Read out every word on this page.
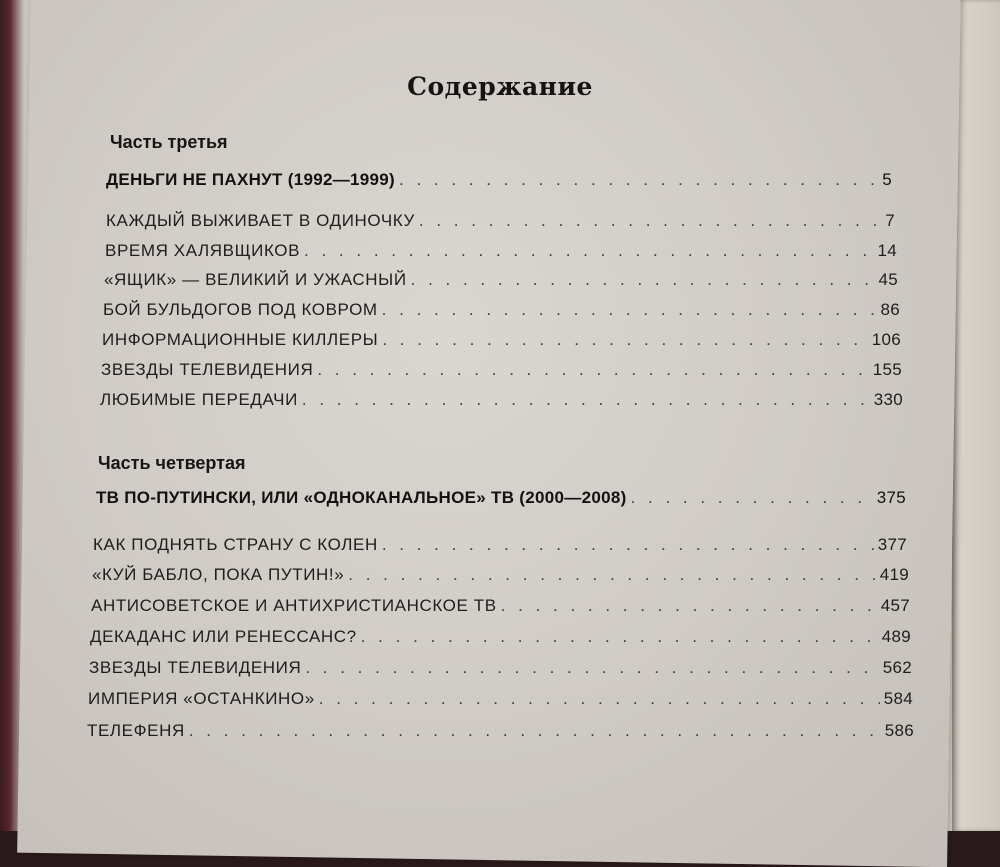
Содержание
Часть третья
ДЕНЬГИ НЕ ПАХНУТ (1992—1999) . . .	5
КАЖДЫЙ ВЫЖИВАЕТ В ОДИНОЧКУ . . .	7
ВРЕМЯ ХАЛЯВЩИКОВ . . .	14
«ЯЩИК» — ВЕЛИКИЙ И УЖАСНЫЙ . . .	45
БОЙ БУЛЬДОГОВ ПОД КОВРОМ . . .	86
ИНФОРМАЦИОННЫЕ КИЛЛЕРЫ . . .	106
ЗВЕЗДЫ ТЕЛЕВИДЕНИЯ . . .	155
ЛЮБИМЫЕ ПЕРЕДАЧИ . . .	330
Часть четвертая
ТВ ПО-ПУТИНСКИ, ИЛИ «ОДНОКАНАЛЬНОЕ» ТВ (2000—2008) . . .	375
КАК ПОДНЯТЬ СТРАНУ С КОЛЕН . . .	377
«КУЙ БАБЛО, ПОКА ПУТИН!» . . .	419
АНТИСОВЕТСКОЕ И АНТИХРИСТИАНСКОЕ ТВ . . .	457
ДЕКАДАНС ИЛИ РЕНЕССАНС? . . .	489
ЗВЕЗДЫ ТЕЛЕВИДЕНИЯ . . .	562
ИМПЕРИЯ «ОСТАНКИНО» . . .	584
ТЕЛЕФЕНЯ . . .	586
